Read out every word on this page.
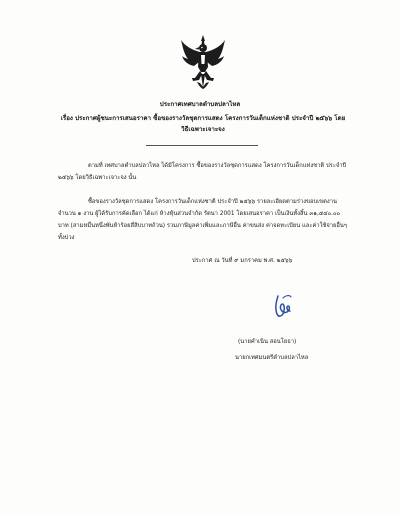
ประกาศเทศบาลตำบลปลาไหล
เรื่อง ประกาศผู้ชนะการเสนอราคา ซื้อของรางวัลชุดการแสดง โครงการวันเด็กแห่งชาติ ประจำปี ๒๕๖๖ โดยวิธีเฉพาะเจาะจง
ตามที่ เทศบาลตำบลปลาไหล ได้มีโครงการ ซื้อของรางวัลชุดการแสดง โครงการวันเด็กแห่งชาติ ประจำปี ๒๕๖๖ โดยวิธีเฉพาะเจาะจง นั้น
ซื้อของรางวัลชุดการแสดง โครงการวันเด็กแห่งชาติ ประจำปี ๒๕๖๖ รายละเอียดตามร่างขอบเขตงาน จำนวน ๑ งาน ผู้ได้รับการคัดเลือก ได้แก่ ห้างหุ้นส่วนจำกัด รัตนา 2001 โดยเสนอราคา เป็นเงินทั้งสิ้น ๓๑,๕๔๐.๐๐ บาท (สามหมื่นหนึ่งพันห้าร้อยสี่สิบบาทถ้วน) รวมภาษีมูลค่าเพิ่มและภาษีอื่น ค่าขนส่ง ค่าจดทะเบียน และค่าใช้จ่ายอื่นๆ ทั้งปวง
ประกาศ ณ วันที่ ๙ มกราคม พ.ศ. ๒๕๖๖
(นายคำเนิน สอนโยธา)
นายกเทศมนตรีตำบลปลาไหล
